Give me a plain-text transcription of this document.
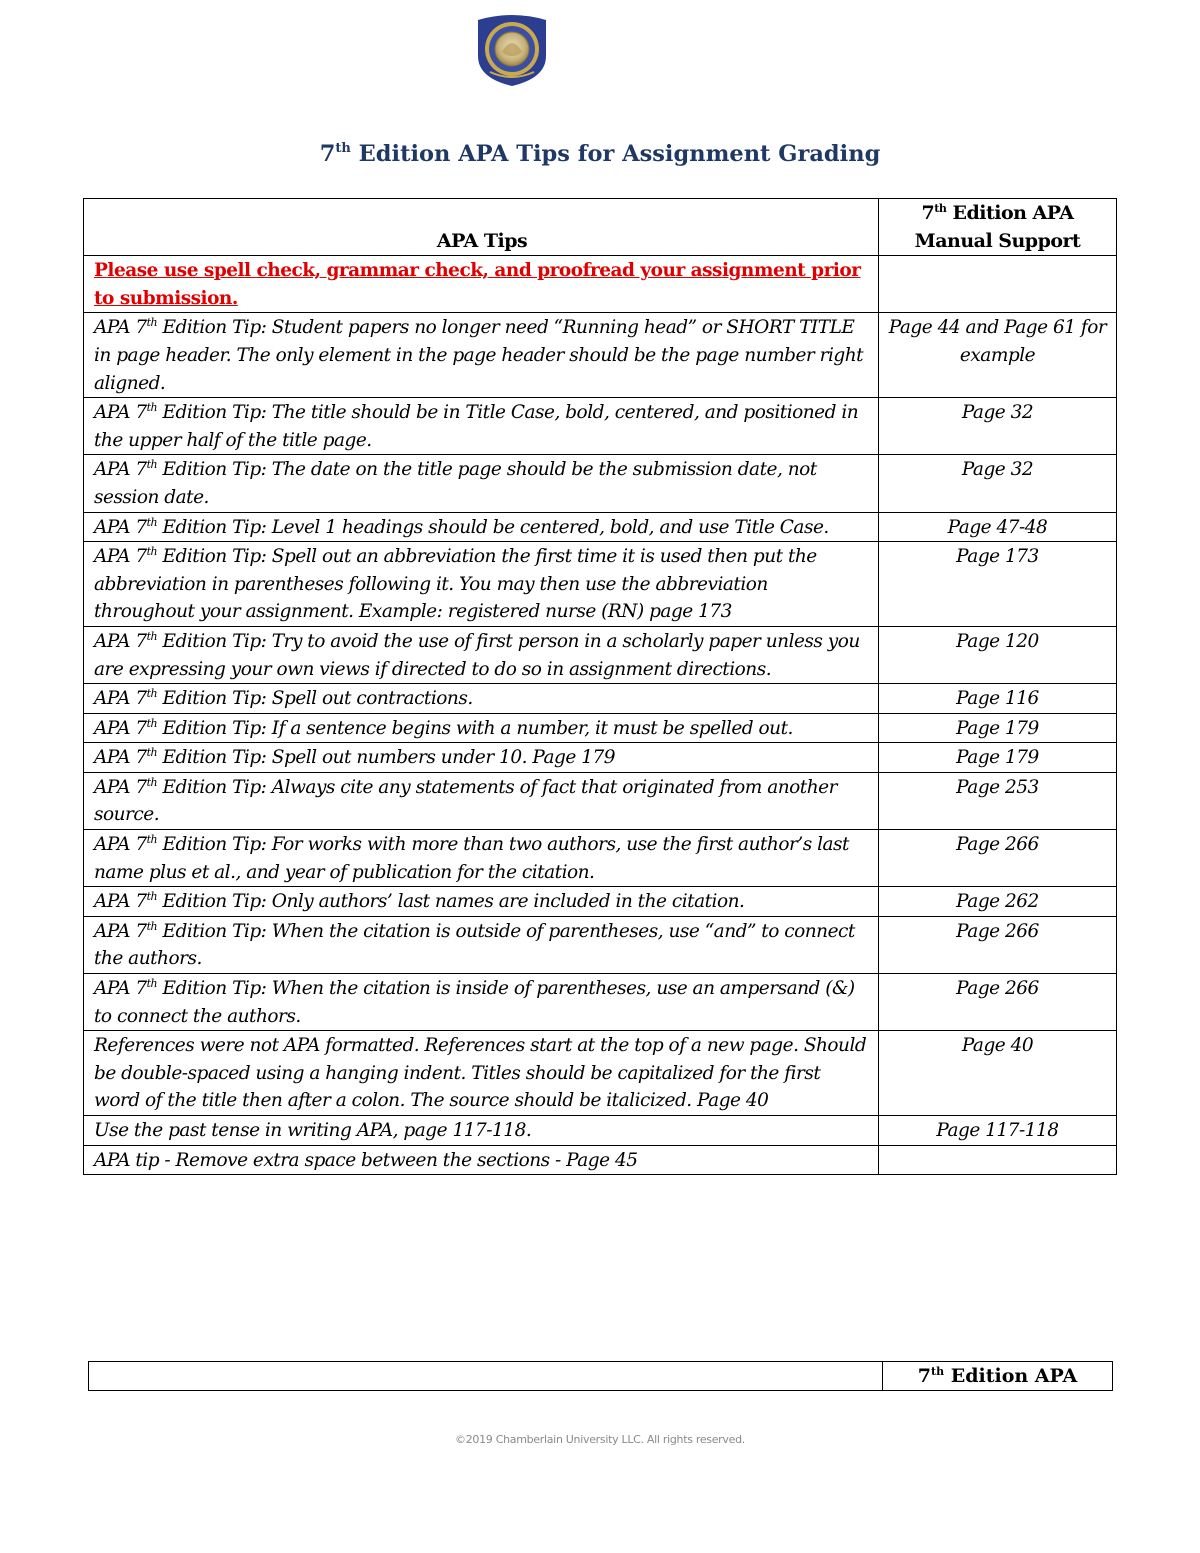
7th Edition APA Tips for Assignment Grading
APA Tips	7th Edition APA
Manual Support
Please use spell check, grammar check, and proofread your assignment prior to submission.	
APA 7th Edition Tip: Student papers no longer need “Running head” or SHORT TITLE in page header. The only element in the page header should be the page number right aligned.	Page 44 and Page 61 for example
APA 7th Edition Tip: The title should be in Title Case, bold, centered, and positioned in the upper half of the title page.	Page 32
APA 7th Edition Tip: The date on the title page should be the submission date, not session date.	Page 32
APA 7th Edition Tip: Level 1 headings should be centered, bold, and use Title Case.	Page 47-48
APA 7th Edition Tip: Spell out an abbreviation the first time it is used then put the abbreviation in parentheses following it. You may then use the abbreviation throughout your assignment. Example: registered nurse (RN) page 173	Page 173
APA 7th Edition Tip: Try to avoid the use of first person in a scholarly paper unless you are expressing your own views if directed to do so in assignment directions.	Page 120
APA 7th Edition Tip: Spell out contractions.	Page 116
APA 7th Edition Tip: If a sentence begins with a number, it must be spelled out.	Page 179
APA 7th Edition Tip: Spell out numbers under 10. Page 179	Page 179
APA 7th Edition Tip: Always cite any statements of fact that originated from another source.	Page 253
APA 7th Edition Tip: For works with more than two authors, use the first author’s last name plus et al., and year of publication for the citation.	Page 266
APA 7th Edition Tip: Only authors’ last names are included in the citation.	Page 262
APA 7th Edition Tip: When the citation is outside of parentheses, use “and” to connect the authors.	Page 266
APA 7th Edition Tip: When the citation is inside of parentheses, use an ampersand (&) to connect the authors.	Page 266
References were not APA formatted. References start at the top of a new page. Should be double-spaced using a hanging indent. Titles should be capitalized for the first word of the title then after a colon. The source should be italicized. Page 40	Page 40
Use the past tense in writing APA, page 117-118.	Page 117-118
APA tip - Remove extra space between the sections - Page 45	
	7th Edition APA
©2019 Chamberlain University LLC. All rights reserved.
